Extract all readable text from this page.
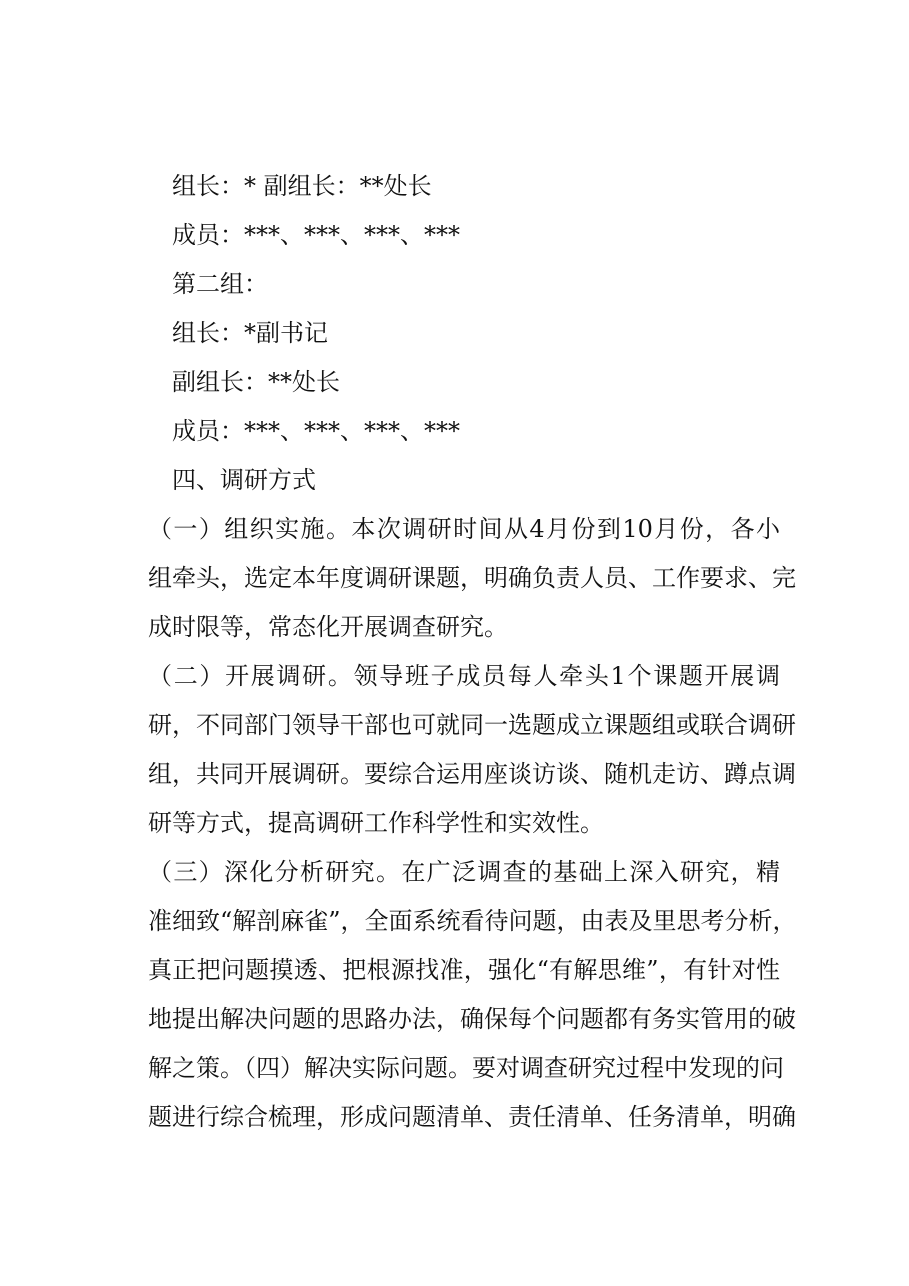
组长：* 副组长：**处长

成员：***、***、***、***

第二组：

组长：*副书记

副组长：**处长

成员：***、***、***、***

四、调研方式

（一）组织实施。本次调研时间从4月份到10月份，各小

组牵头，选定本年度调研课题，明确负责人员、工作要求、完

成时限等，常态化开展调查研究。

（二）开展调研。领导班子成员每人牵头1个课题开展调

研，不同部门领导干部也可就同一选题成立课题组或联合调研

组，共同开展调研。要综合运用座谈访谈、随机走访、蹲点调

研等方式，提高调研工作科学性和实效性。

（三）深化分析研究。在广泛调查的基础上深入研究，精

准细致“解剖麻雀”，全面系统看待问题，由表及里思考分析，

真正把问题摸透、把根源找准，强化“有解思维”，有针对性

地提出解决问题的思路办法，确保每个问题都有务实管用的破

解之策。（四）解决实际问题。要对调查研究过程中发现的问

题进行综合梳理，形成问题清单、责任清单、任务清单，明确
